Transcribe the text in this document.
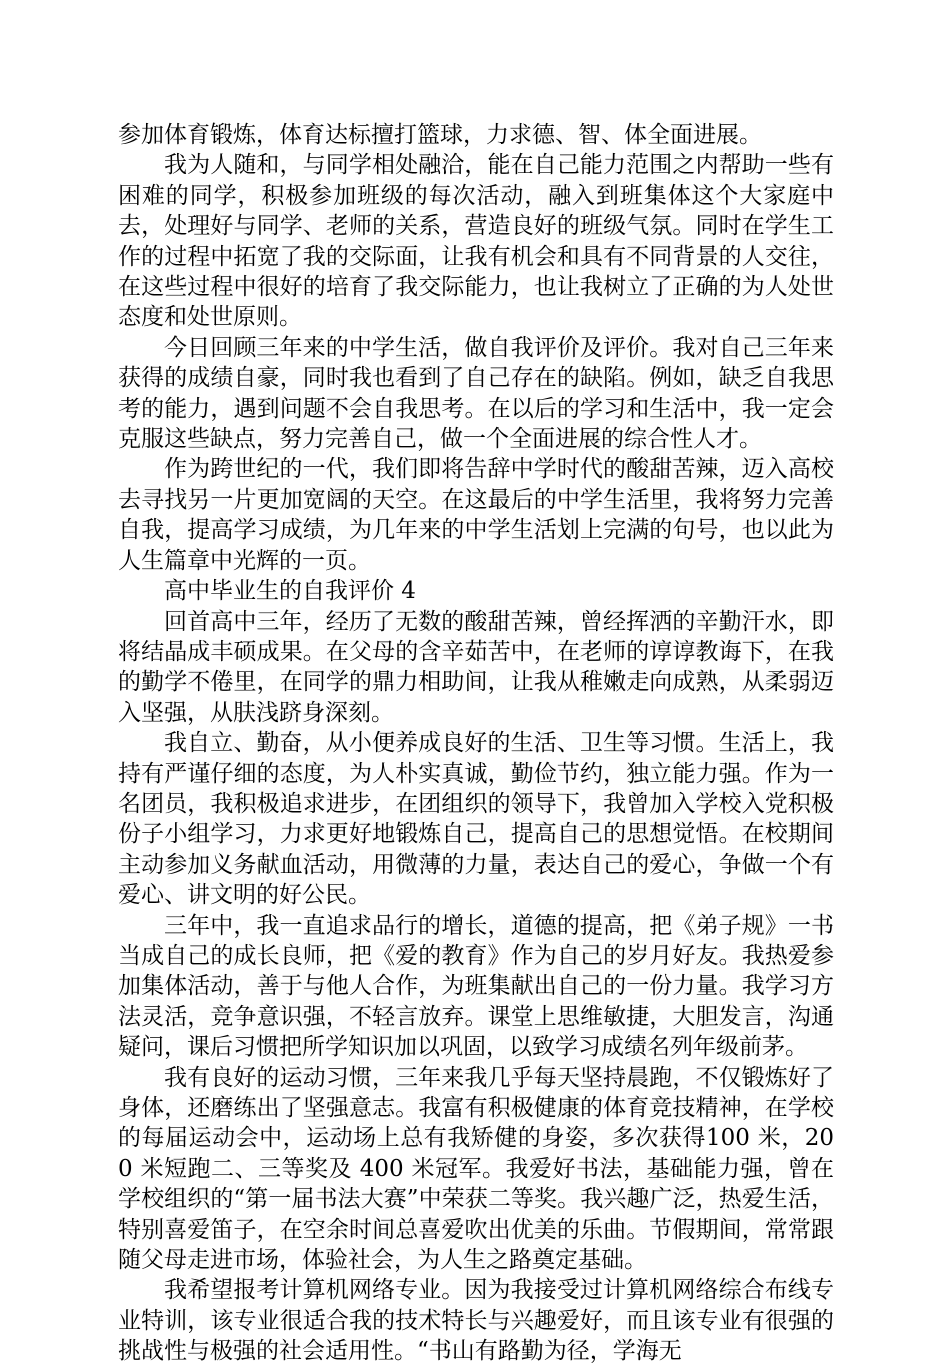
参加体育锻炼，体育达标擅打篮球，力求德、智、体全面进展。

我为人随和，与同学相处融洽，能在自己能力范围之内帮助一些有困难的同学，积极参加班级的每次活动，融入到班集体这个大家庭中去，处理好与同学、老师的关系，营造良好的班级气氛。同时在学生工作的过程中拓宽了我的交际面，让我有机会和具有不同背景的人交往，在这些过程中很好的培育了我交际能力，也让我树立了正确的为人处世态度和处世原则。

今日回顾三年来的中学生活，做自我评价及评价。我对自己三年来获得的成绩自豪，同时我也看到了自己存在的缺陷。例如，缺乏自我思考的能力，遇到问题不会自我思考。在以后的学习和生活中，我一定会克服这些缺点，努力完善自己，做一个全面进展的综合性人才。

作为跨世纪的一代，我们即将告辞中学时代的酸甜苦辣，迈入高校去寻找另一片更加宽阔的天空。在这最后的中学生活里，我将努力完善自我，提高学习成绩，为几年来的中学生活划上完满的句号，也以此为人生篇章中光辉的一页。

高中毕业生的自我评价 4

回首高中三年，经历了无数的酸甜苦辣，曾经挥洒的辛勤汗水，即将结晶成丰硕成果。在父母的含辛茹苦中，在老师的谆谆教诲下，在我的勤学不倦里，在同学的鼎力相助间，让我从稚嫩走向成熟，从柔弱迈入坚强，从肤浅跻身深刻。

我自立、勤奋，从小便养成良好的生活、卫生等习惯。生活上，我持有严谨仔细的态度，为人朴实真诚，勤俭节约，独立能力强。作为一名团员，我积极追求进步，在团组织的领导下，我曾加入学校入党积极份子小组学习，力求更好地锻炼自己，提高自己的思想觉悟。在校期间主动参加义务献血活动，用微薄的力量，表达自己的爱心，争做一个有爱心、讲文明的好公民。

三年中，我一直追求品行的增长，道德的提高，把《弟子规》一书当成自己的成长良师，把《爱的教育》作为自己的岁月好友。我热爱参加集体活动，善于与他人合作，为班集献出自己的一份力量。我学习方法灵活，竞争意识强，不轻言放弃。课堂上思维敏捷，大胆发言，沟通疑问，课后习惯把所学知识加以巩固，以致学习成绩名列年级前茅。

我有良好的运动习惯，三年来我几乎每天坚持晨跑，不仅锻炼好了身体，还磨练出了坚强意志。我富有积极健康的体育竞技精神，在学校的每届运动会中，运动场上总有我矫健的身姿，多次获得100 米，200 米短跑二、三等奖及 400 米冠军。我爱好书法，基础能力强，曾在学校组织的“第一届书法大赛”中荣获二等奖。我兴趣广泛，热爱生活，特别喜爱笛子，在空余时间总喜爱吹出优美的乐曲。节假期间，常常跟随父母走进市场，体验社会，为人生之路奠定基础。

我希望报考计算机网络专业。因为我接受过计算机网络综合布线专业特训，该专业很适合我的技术特长与兴趣爱好，而且该专业有很强的挑战性与极强的社会适用性。“书山有路勤为径，学海无
